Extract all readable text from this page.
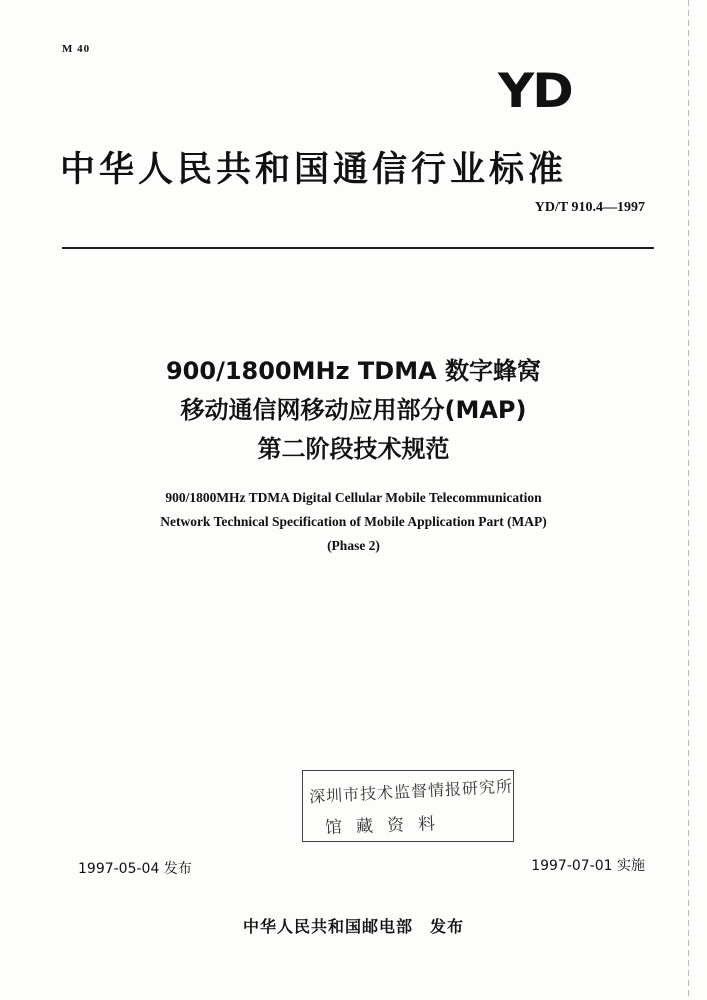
M 40
YD
中华人民共和国通信行业标准
YD/T 910.4—1997
900/1800MHz TDMA 数字蜂窝
移动通信网移动应用部分(MAP)
第二阶段技术规范
900/1800MHz TDMA Digital Cellular Mobile Telecommunication
Network Technical Specification of Mobile Application Part (MAP)
(Phase 2)
深圳市技术监督情报研究所
馆藏资料
1997-05-04 发布	1997-07-01 实施
中华人民共和国邮电部　发布
